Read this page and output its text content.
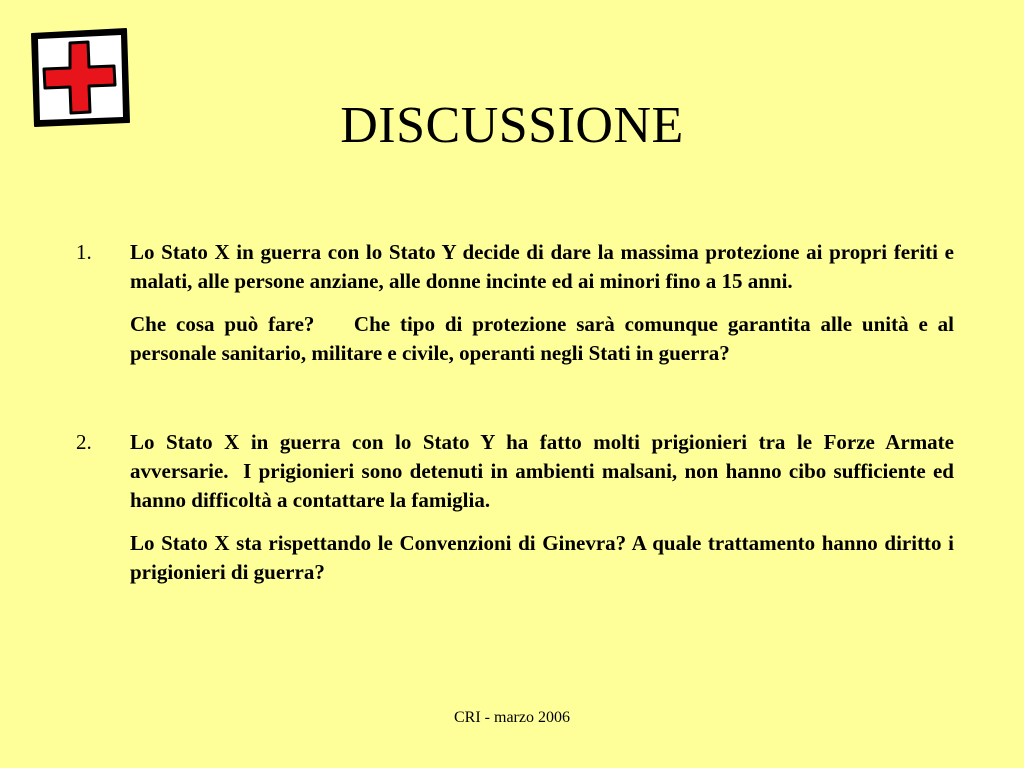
DISCUSSIONE
1. Lo Stato X in guerra con lo Stato Y decide di dare la massima protezione ai propri feriti e malati, alle persone anziane, alle donne incinte ed ai minori fino a 15 anni.

Che cosa può fare?    Che tipo di protezione sarà comunque garantita alle unità e al personale sanitario, militare e civile, operanti negli Stati in guerra?

2. Lo Stato X in guerra con lo Stato Y ha fatto molti prigionieri tra le Forze Armate avversarie.  I prigionieri sono detenuti in ambienti malsani, non hanno cibo sufficiente ed hanno difficoltà a contattare la famiglia.

Lo Stato X sta rispettando le Convenzioni di Ginevra? A quale trattamento hanno diritto i prigionieri di guerra?

CRI - marzo 2006
